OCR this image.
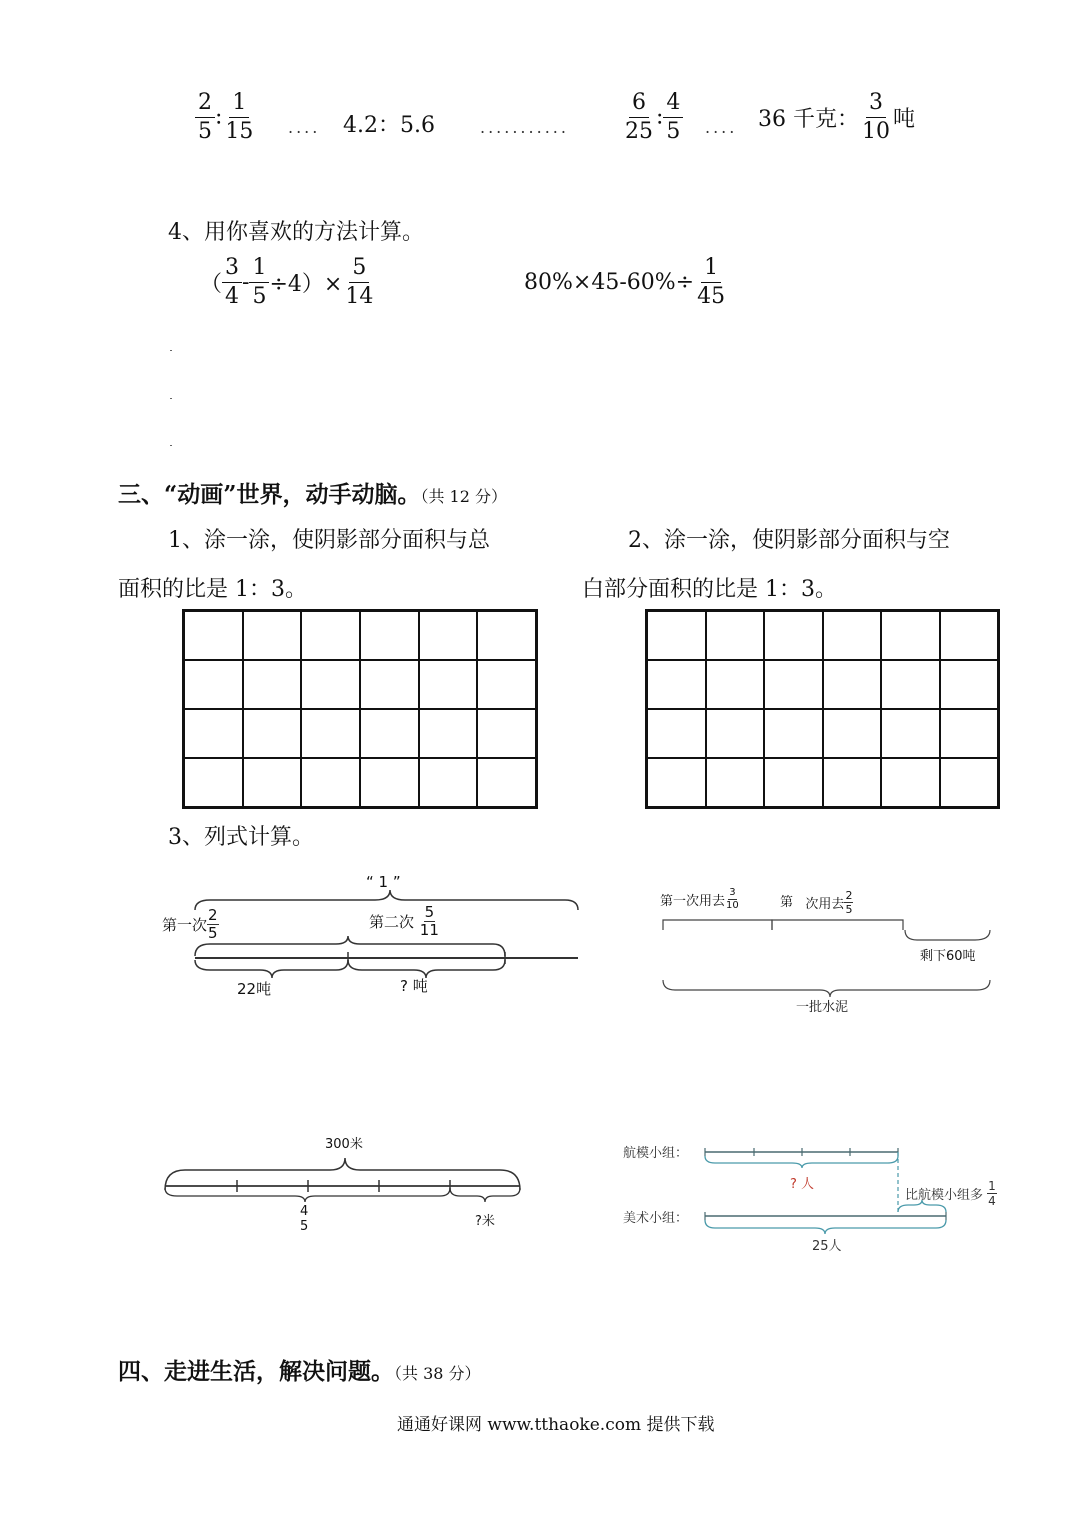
$\frac{2}{5}$ : $\frac{1}{15}$ .... 4.2：5.6	........... $\frac{6}{25}$ : $\frac{4}{5}$ .... 36 千克： $\frac{3}{10}$ 吨
4、用你喜欢的方法计算。
（ $\frac{3}{4} - \frac{1}{5} \div 4)\times \frac{5}{14}$	$80\%\times 45-60\%\div \frac{1}{45}$
三、“动画”世界，动手动脑。（共 12 分）
1、涂一涂，使阴影部分面积与总
面积的比是 1：3。
2、涂一涂，使阴影部分面积与空
白部分面积的比是 1：3。
3、列式计算。
“ 1 ”
第一次 $\frac{2}{5}$	第二次 $\frac{5}{11}$
22吨	? 吨
第一次用去 $\frac{3}{10}$	第 次用去 $\frac{2}{5}$
剩下60吨
一批水泥
300米
4
5	?米
航模小组：
? 人
美术小组：
比航模小组多 $\frac{1}{4}$
25人
四、走进生活，解决问题。（共 38 分）
通通好课网 www.tthaoke.com 提供下载
